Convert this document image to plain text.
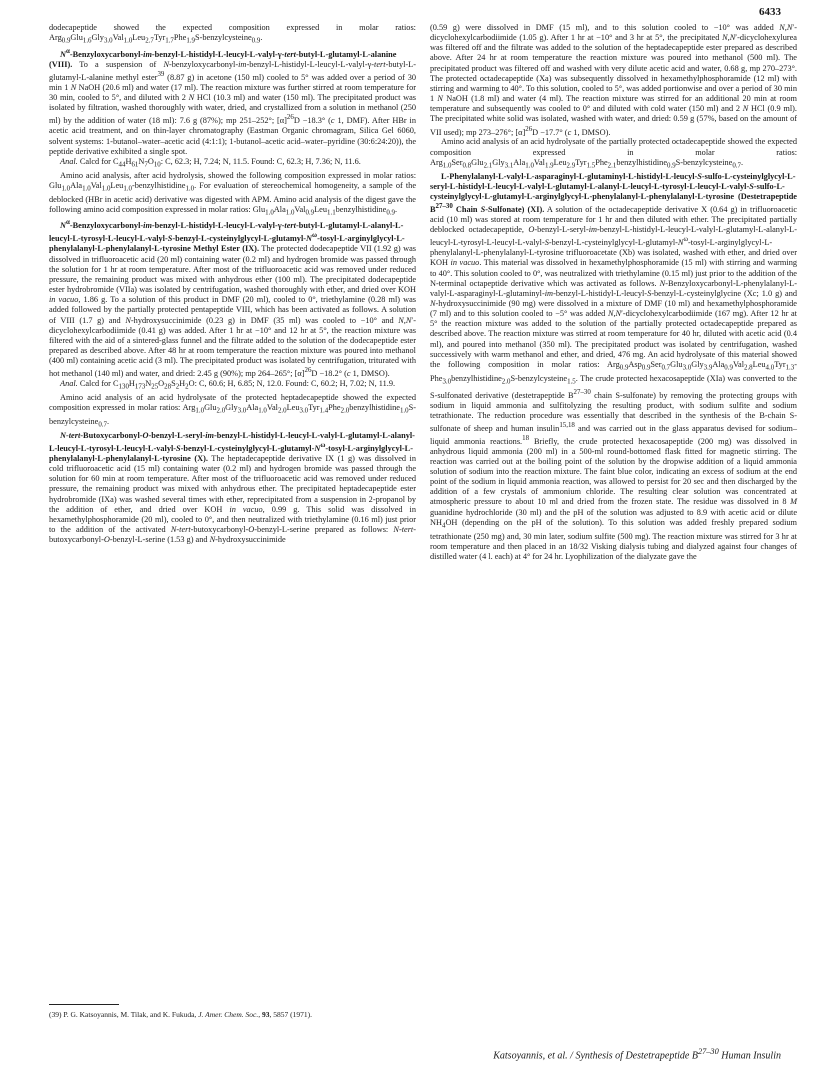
6433

dodecapeptide showed the expected composition expressed in molar ratios: Arg$_{0.9}$Glu$_{1.6}$Gly$_{3.0}$Val$_{1.0}$Leu$_{2.7}$Tyr$_{1.7}$Phe$_{1.9}$S-benzylcysteine$_{0.9}$.

$N^\alpha-Benzyloxycarbonyl-im-benzyl-L-histidyl-L-leucyl-L-valyl-\gamma-tert-butyl-L-glutamyl-L$-alanine (VIII). To a suspension of N-benzyloxycarbonyl-im-benzyl-L-histidyl-L-leucyl-L-valyl-γ-tert-butyl-L-glutamyl-L-alanine methyl ester$^{39}$ (8.87 g) in acetone (150 ml) cooled to 5° was added over a period of 30 min 1 N NaOH (20.6 ml) and water (17 ml). The reaction mixture was further stirred at room temperature for 30 min, cooled to 5°, and diluted with 2 N HCl (10.3 ml) and water (150 ml). The precipitated product was isolated by filtration, washed thoroughly with water, dried, and crystallized from a solution in methanol (250 ml) by the addition of water (18 ml): 7.6 g (87%); mp 251–252°; $[\alpha]^{26}D -18.3^\circ$ (c 1, DMF). After HBr in acetic acid treatment, and on thin-layer chromatography (Eastman Organic chromagram, Silica Gel 6060, solvent systems: 1-butanol–water–acetic acid (4:1:1); 1-butanol–acetic acid–water–pyridine (30:6:24:20)), the peptide derivative exhibited a single spot.

Anal. Calcd for $C_{44}H_{61}N_7O_{10}$: C, 62.3; H, 7.24; N, 11.5. Found: C, 62.3; H, 7.36; N, 11.6.

Amino acid analysis, after acid hydrolysis, showed the following composition expressed in molar ratios: Glu$_{1.0}$Ala$_{1.0}$Val$_{1.0}$Leu$_{1.0}$-benzylhistidine$_{1.0}$. For evaluation of stereochemical homogeneity, a sample of the deblocked (HBr in acetic acid) derivative was digested with APM. Amino acid analysis of the digest gave the following amino acid composition expressed in molar ratios: Glu$_{1.0}$Ala$_{1.0}$Val$_{0.9}$Leu$_{1.1}$benzylhistidine$_{0.9}$.

$N^\alpha-Benzyloxycarbonyl-im-benzyl-L-histidyl-L-leucyl-L-valyl-\gamma-tert-butyl-L-glutamyl-L-alanyl-L-leucyl-L-tyrosyl-L-leucyl-{}L-valyl-S-benzyl-L-cysteinylglycyl-L-glutamyl-N^\omega-tosyl-L-arginylglycyl-L-phenylalanyl-L-phenylalanyl-L$-tyrosine Methyl Ester (IX). The protected dodecapeptide VII (1.92 g) was dissolved in trifluoroacetic acid (20 ml) containing water (0.2 ml) and hydrogen bromide was passed through the solution for 1 hr at room temperature. After most of the trifluoroacetic acid was removed under reduced pressure, the remaining product was mixed with anhydrous ether (100 ml). The precipitated dodecapeptide ester hydrobromide (VIIa) was isolated by centrifugation, washed thoroughly with ether, and dried over KOH in vacuo, 1.86 g. To a solution of this product in DMF (20 ml), cooled to 0°, triethylamine (0.28 ml) was added followed by the partially protected pentapeptide VIII, which has been activated as follows. A solution of VIII (1.7 g) and N-hydroxysuccinimide (0.23 g) in DMF (35 ml) was cooled to −10° and N,N′-dicyclohexylcarbodiimide (0.41 g) was added. After 1 hr at −10° and 12 hr at 5°, the reaction mixture was filtered with the aid of a sintered-glass funnel and the filtrate added to the solution of the dodecapeptide ester prepared as described above. After 48 hr at room temperature the reaction mixture was poured into methanol (400 ml) containing acetic acid (3 ml). The precipitated product was isolated by centrifugation, triturated with hot methanol (140 ml) and water, and dried: 2.45 g (90%); mp 264–265°; $[\alpha]^{26}D -18.2^\circ$ (c 1, DMSO).

Anal. Calcd for $C_{130}H_{173}N_{25}O_{28}S_2H_2O$: C, 60.6; H, 6.85; N, 12.0. Found: C, 60.2; H, 7.02; N, 11.9.

Amino acid analysis of an acid hydrolysate of the protected heptadecapeptide showed the expected composition expressed in molar ratios: Arg$_{1.0}$Glu$_{2.0}$Gly$_{3.0}$Ala$_{1.0}$Val$_{2.0}$Leu$_{3.0}$Tyr$_{1.4}$Phe$_{2.0}$benzylhistidine$_{1.0}$S-benzylcysteine$_{0.7}$.

N-tert-Butoxycarbonyl-O-benzyl-L-seryl-im-benzyl-L-histidyl-L-leucyl-L-valyl-L-glutamyl-L-alanyl-L-leucyl-L-tyrosyl-L-leucyl-$L-valyl-S-benzyl-L-cysteinylglycyl-L-glutamyl-N^\omega-tosyl-L-arginylglycyl-L-phenylalanyl-L-phenylalanyl-L$-tyrosine (X). The heptadecapeptide derivative IX (1 g) was dissolved in cold trifluoroacetic acid (15 ml) containing water (0.2 ml) and hydrogen bromide was passed through the solution for 60 min at room temperature. After most of the trifluoroacetic acid was removed under reduced pressure, the remaining product was mixed with anhydrous ether. The precipitated heptadecapeptide ester hydrobromide (IXa) was washed several times with ether, reprecipitated from a suspension in 2-propanol by the addition of ether, and dried over KOH in vacuo, 0.99 g. This solid was dissolved in hexamethylphosphoramide (20 ml), cooled to 0°, and then neutralized with triethylamine (0.16 ml) just prior to the addition of the activated N-tert-butoxycarbonyl-O-benzyl-L-serine prepared as follows: N-tert-butoxycarbonyl-O-benzyl-L-serine (1.53 g) and N-hydroxysuccinimide

(0.59 g) were dissolved in DMF (15 ml), and to this solution cooled to −10° was added N,N′-dicyclohexylcarbodiimide (1.05 g). After 1 hr at −10° and 3 hr at 5°, the precipitated N,N′-dicyclohexylurea was filtered off and the filtrate was added to the solution of the heptadecapeptide ester prepared as described above. After 24 hr at room temperature the reaction mixture was poured into methanol (500 ml). The precipitated product was filtered off and washed with very dilute acetic acid and water, 0.68 g, mp 270–273°. The protected octadecapeptide (Xa) was subsequently dissolved in hexamethylphosphoramide (12 ml) with stirring and warming to 40°. To this solution, cooled to 5°, was added portionwise and over a period of 30 min 1 N NaOH (1.8 ml) and water (4 ml). The reaction mixture was stirred for an additional 20 min at room temperature and subsequently was cooled to 0° and diluted with cold water (150 ml) and 2 N HCl (0.9 ml). The precipitated white solid was isolated, washed with water, and dried: 0.59 g (57%, based on the amount of VII used); mp 273–276°; $[\alpha]^{26}D -17.7^\circ$ (c 1, DMSO).

Amino acid analysis of an acid hydrolysate of the partially protected octadecapeptide showed the expected composition expressed in molar ratios: Arg$_{1.0}$Ser$_{0.8}$Glu$_{2.1}$Gly$_{3.1}$Ala$_{1.0}$Val$_{1.9}$Leu$_{2.9}$Tyr$_{1.5}$Phe$_{2.1}$benzylhistidine$_{0.9}$S-benzylcysteine$_{0.7}$.

L-Phenylalanyl-L-valyl-L-asparaginyl-L-glutaminyl-L-histidyl-L-leucyl-S-sulfo-L-cysteinylglycyl-L-seryl-L-histidyl-L-leucyl-L-valyl-L-glutamyl-L-alanyl-L-leucyl-L-tyrosyl-L-leucyl-L-valyl-S-sulfo-L-cysteinylglycyl-L-glutamyl-L-arginylglycyl-L-phenylalanyl-L-phenylalanyl-L-tyrosine (Destetrapeptide $B^{27-30}$ Chain S-Sulfonate) (XI). A solution of the octadecapeptide derivative X (0.64 g) in trifluoroacetic acid (10 ml) was stored at room temperature for 1 hr and then diluted with ether. The precipitated partially deblocked octadecapeptide, O-benzyl-L-seryl-im-benzyl-L-histidyl-L-leucyl-L-valyl-L-glutamyl-L-alanyl-L-leucyl-L-tyrosyl-L-leucyl-L-valyl-S-benzyl-$L-cysteinylglycyl-L-glutamyl-N^\omega-tosyl-L-arginylglycyl-L-phenylalanyl-L-phenylalanyl-L$-tyrosine trifluoroacetate (Xb) was isolated, washed with ether, and dried over KOH in vacuo. This material was dissolved in hexamethylphosphoramide (15 ml) with stirring and warming to 40°. This solution cooled to 0°, was neutralized with triethylamine (0.15 ml) just prior to the addition of the N-terminal octapeptide derivative which was activated as follows. N-Benzyloxycarbonyl-L-phenylalanyl-L-valyl-L-asparaginyl-L-glutaminyl-im-benzyl-L-histidyl-L-leucyl-S-benzyl-L-cysteinylglycine (Xc; 1.0 g) and N-hydroxysuccinimide (90 mg) were dissolved in a mixture of DMF (10 ml) and hexamethylphosphoramide (7 ml) and to this solution cooled to −5° was added N,N′-dicyclohexylcarbodiimide (167 mg). After 12 hr at 5° the reaction mixture was added to the solution of the partially protected octadecapeptide prepared as described above. The reaction mixture was stirred at room temperature for 40 hr, diluted with acetic acid (0.4 ml), and poured into methanol (350 ml). The precipitated product was isolated by centrifugation, washed successively with warm methanol and ether, and dried, 476 mg. An acid hydrolysate of this material showed the following composition in molar ratios: Arg$_{0.9}$Asp$_{0.9}$Ser$_{0.7}$Glu$_{3.0}$Gly$_{3.9}$Ala$_{0.9}$Val$_{2.8}$Leu$_{4.0}$Tyr$_{1.3}$-Phe$_{3.0}$benzylhistidine$_{2.0}$S-benzylcysteine$_{1.5}$. The crude protected hexacosapeptide (XIa) was converted to the S-sulfonated derivative (destetrapeptide $B^{27-30}$ chain S-sulfonate) by removing the protecting groups with sodium in liquid ammonia and sulfitolyzing the resulting product, with sodium sulfite and sodium tetrathionate. The reduction procedure was essentially that described in the synthesis of the B-chain S-sulfonate of sheep and human insulin$^{15,18}$ and was carried out in the glass apparatus devised for sodium–liquid ammonia reactions.$^{18}$ Briefly, the crude protected hexacosapeptide (200 mg) was dissolved in anhydrous liquid ammonia (200 ml) in a 500-ml round-bottomed flask fitted for magnetic stirring. The reaction was carried out at the boiling point of the solution by the dropwise addition of a liquid ammonia solution of sodium into the reaction mixture. The faint blue color, indicating an excess of sodium at the end point of the sodium in liquid ammonia reaction, was allowed to persist for 20 sec and then discharged by the addition of a few crystals of ammonium chloride. The resulting clear solution was concentrated at atmospheric pressure to about 10 ml and dried from the frozen state. The residue was dissolved in 8 M guanidine hydrochloride (30 ml) and the pH of the solution was adjusted to 8.9 with acetic acid or dilute $NH_4OH$ (depending on the pH of the solution). To this solution was added freshly prepared sodium tetrathionate (250 mg) and, 30 min later, sodium sulfite (500 mg). The reaction mixture was stirred for 3 hr at room temperature and then placed in an 18/32 Visking dialysis tubing and dialyzed against four changes of distilled water (4 l. each) at 4° for 24 hr. Lyophilization of the dialyzate gave the

(39) P. G. Katsoyannis, M. Tilak, and K. Fukuda, J. Amer. Chem. Soc., 93, 5857 (1971).

Katsoyannis, et al. / Synthesis of Destetrapeptide $B^{27-30}$ Human Insulin
